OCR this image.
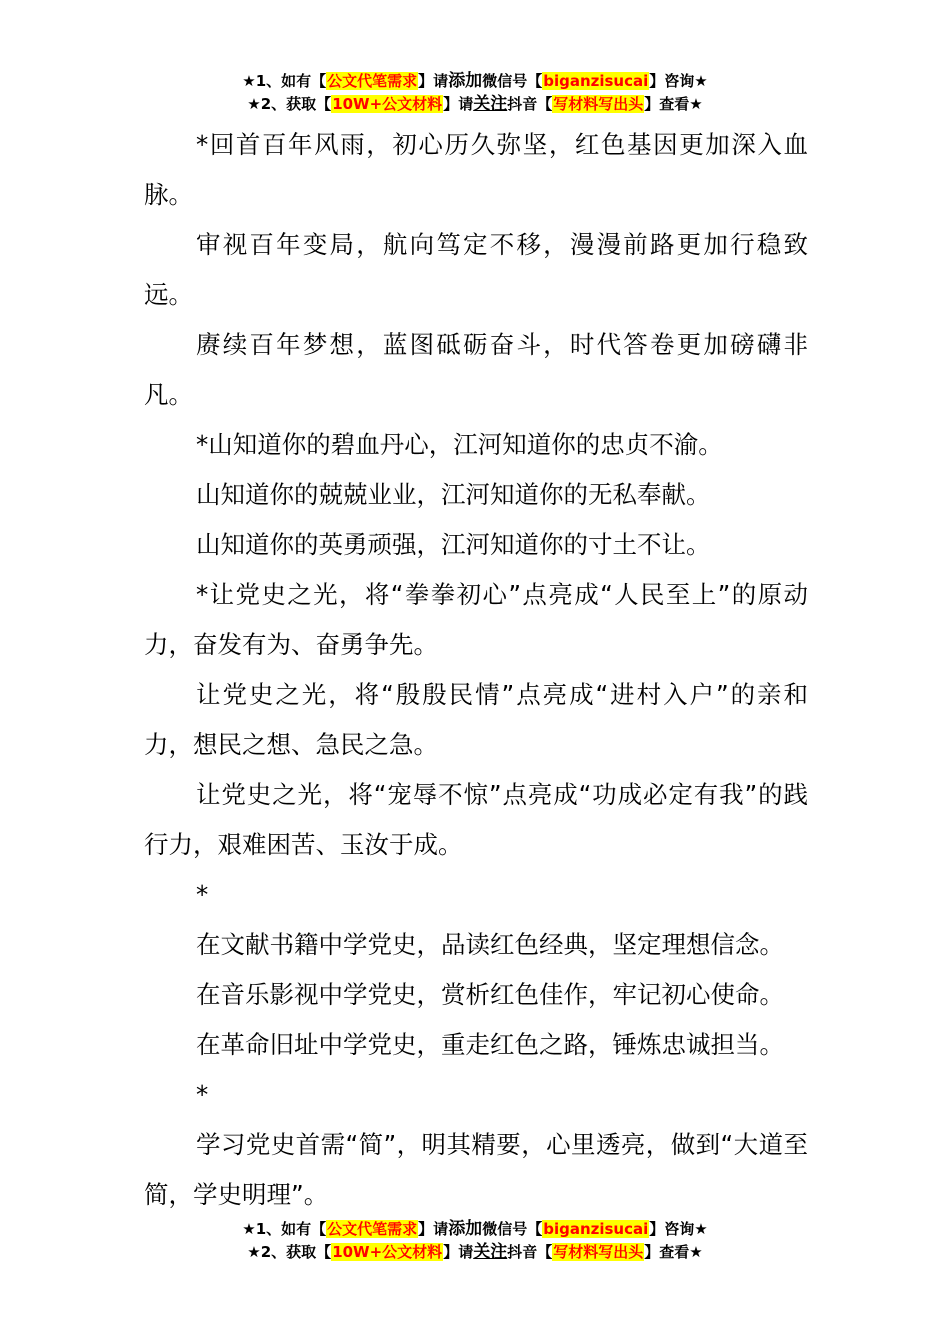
★1、如有【公文代笔需求】请添加微信号【biganzisucai】咨询★
★2、获取【10W+公文材料】请关注抖音【写材料写出头】查看★

*回首百年风雨，初心历久弥坚，红色基因更加深入血脉。

审视百年变局，航向笃定不移，漫漫前路更加行稳致远。

赓续百年梦想，蓝图砥砺奋斗，时代答卷更加磅礴非凡。

*山知道你的碧血丹心，江河知道你的忠贞不渝。

山知道你的兢兢业业，江河知道你的无私奉献。

山知道你的英勇顽强，江河知道你的寸土不让。

*让党史之光，将“拳拳初心”点亮成“人民至上”的原动力，奋发有为、奋勇争先。

让党史之光，将“殷殷民情”点亮成“进村入户”的亲和力，想民之想、急民之急。

让党史之光，将“宠辱不惊”点亮成“功成必定有我”的践行力，艰难困苦、玉汝于成。

*

在文献书籍中学党史，品读红色经典，坚定理想信念。

在音乐影视中学党史，赏析红色佳作，牢记初心使命。

在革命旧址中学党史，重走红色之路，锤炼忠诚担当。

*

学习党史首需“简”，明其精要，心里透亮，做到“大道至简，学史明理”。

★1、如有【公文代笔需求】请添加微信号【biganzisucai】咨询★
★2、获取【10W+公文材料】请关注抖音【写材料写出头】查看★
